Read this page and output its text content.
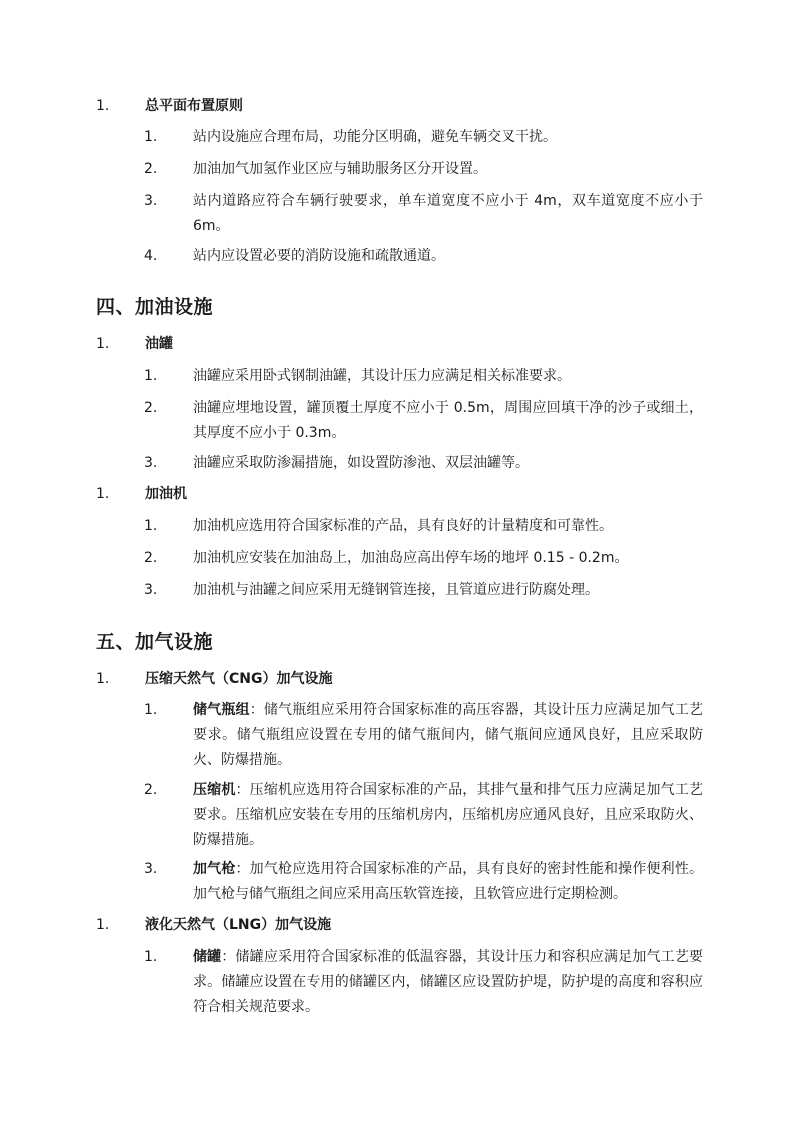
1.	总平面布置原则
1.	站内设施应合理布局，功能分区明确，避免车辆交叉干扰。
2.	加油加气加氢作业区应与辅助服务区分开设置。
3.	站内道路应符合车辆行驶要求，单车道宽度不应小于 4m，双车道宽度不应小于 6m。
4.	站内应设置必要的消防设施和疏散通道。
四、加油设施
1.	油罐
1.	油罐应采用卧式钢制油罐，其设计压力应满足相关标准要求。
2.	油罐应埋地设置，罐顶覆土厚度不应小于 0.5m，周围应回填干净的沙子或细土，其厚度不应小于 0.3m。
3.	油罐应采取防渗漏措施，如设置防渗池、双层油罐等。
1.	加油机
1.	加油机应选用符合国家标准的产品，具有良好的计量精度和可靠性。
2.	加油机应安装在加油岛上，加油岛应高出停车场的地坪 0.15 - 0.2m。
3.	加油机与油罐之间应采用无缝钢管连接，且管道应进行防腐处理。
五、加气设施
1.	压缩天然气（CNG）加气设施
1.	储气瓶组：储气瓶组应采用符合国家标准的高压容器，其设计压力应满足加气工艺要求。储气瓶组应设置在专用的储气瓶间内，储气瓶间应通风良好，且应采取防火、防爆措施。
2.	压缩机：压缩机应选用符合国家标准的产品，其排气量和排气压力应满足加气工艺要求。压缩机应安装在专用的压缩机房内，压缩机房应通风良好，且应采取防火、防爆措施。
3.	加气枪：加气枪应选用符合国家标准的产品，具有良好的密封性能和操作便利性。加气枪与储气瓶组之间应采用高压软管连接，且软管应进行定期检测。
1.	液化天然气（LNG）加气设施
1.	储罐：储罐应采用符合国家标准的低温容器，其设计压力和容积应满足加气工艺要求。储罐应设置在专用的储罐区内，储罐区应设置防护堤，防护堤的高度和容积应符合相关规范要求。
